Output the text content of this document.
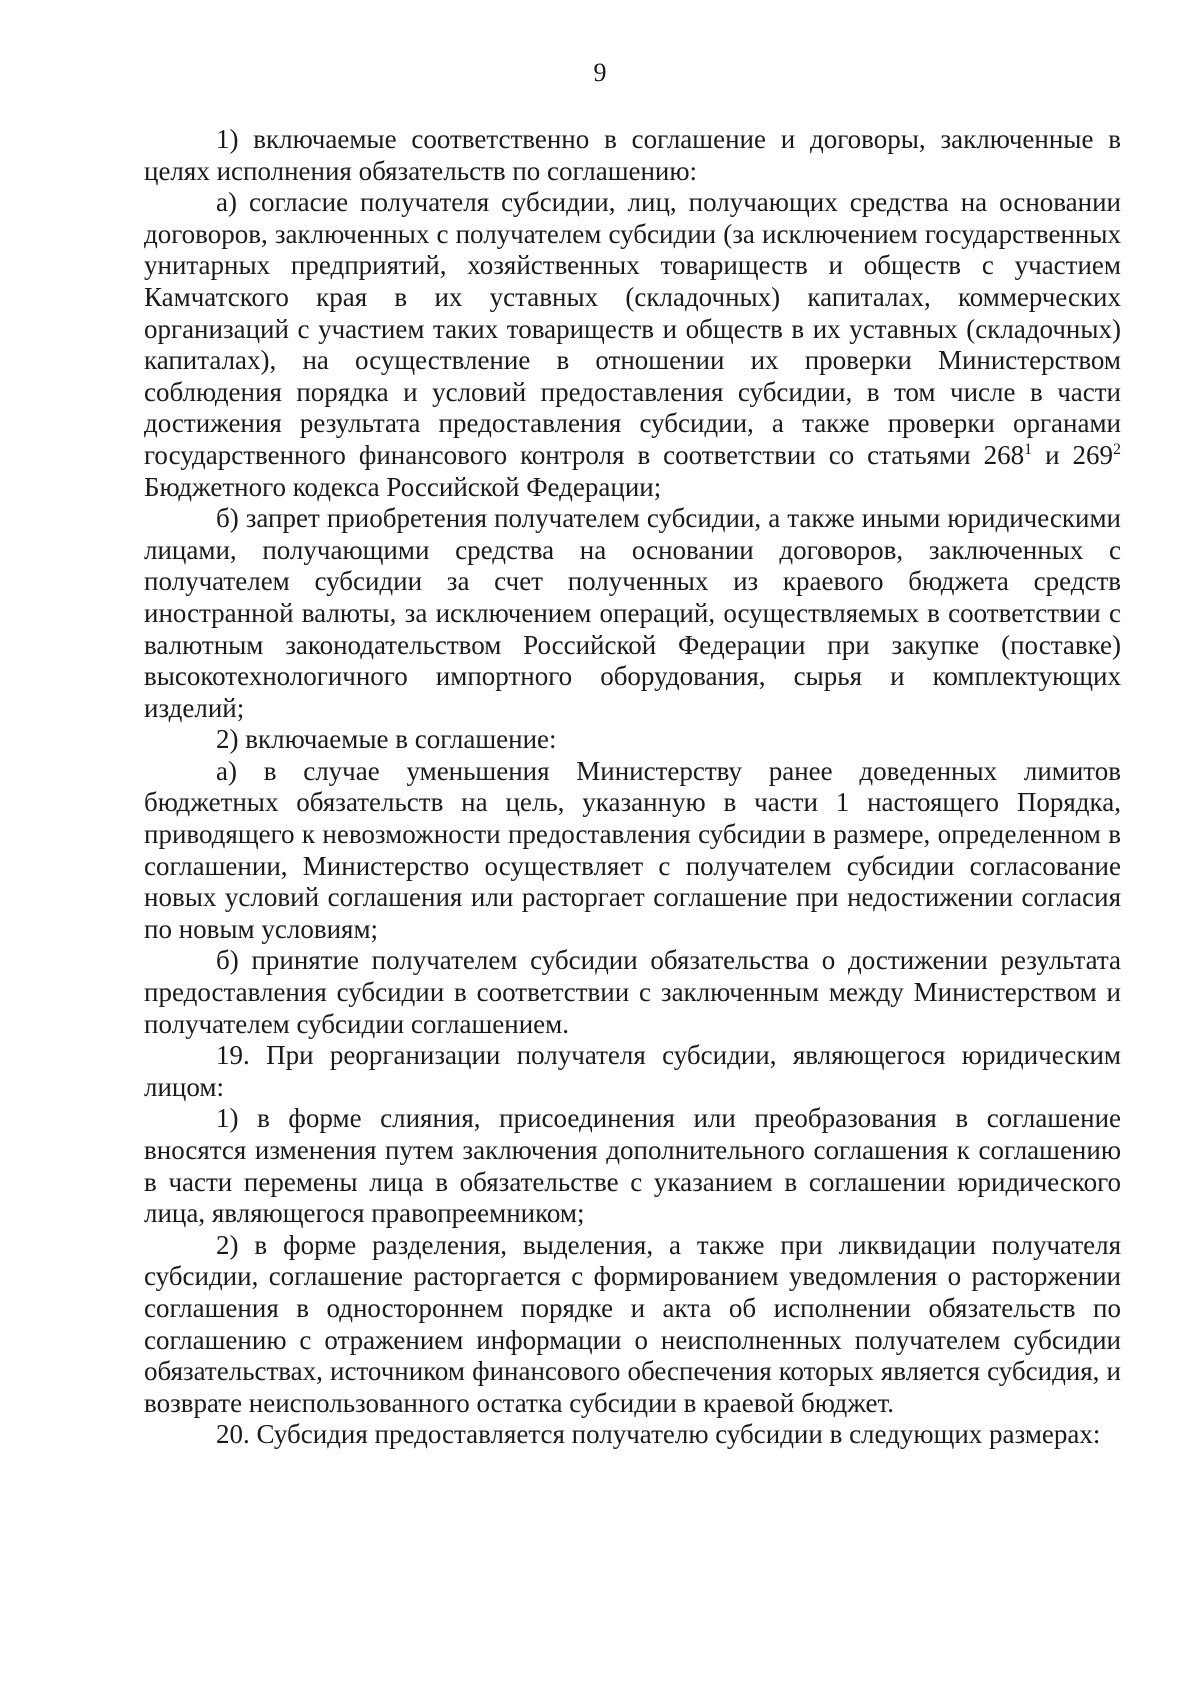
9

1) включаемые соответственно в соглашение и договоры, заключенные в целях исполнения обязательств по соглашению:

а) согласие получателя субсидии, лиц, получающих средства на основании договоров, заключенных с получателем субсидии (за исключением государственных унитарных предприятий, хозяйственных товариществ и обществ с участием Камчатского края в их уставных (складочных) капиталах, коммерческих организаций с участием таких товариществ и обществ в их уставных (складочных) капиталах), на осуществление в отношении их проверки Министерством соблюдения порядка и условий предоставления субсидии, в том числе в части достижения результата предоставления субсидии, а также проверки органами государственного финансового контроля в соответствии со статьями $268^1$ и $269^2$ Бюджетного кодекса Российской Федерации;

б) запрет приобретения получателем субсидии, а также иными юридическими лицами, получающими средства на основании договоров, заключенных с получателем субсидии за счет полученных из краевого бюджета средств иностранной валюты, за исключением операций, осуществляемых в соответствии с валютным законодательством Российской Федерации при закупке (поставке) высокотехнологичного импортного оборудования, сырья и комплектующих изделий;

2) включаемые в соглашение:

а) в случае уменьшения Министерству ранее доведенных лимитов бюджетных обязательств на цель, указанную в части 1 настоящего Порядка, приводящего к невозможности предоставления субсидии в размере, определенном в соглашении, Министерство осуществляет с получателем субсидии согласование новых условий соглашения или расторгает соглашение при недостижении согласия по новым условиям;

б) принятие получателем субсидии обязательства о достижении результата предоставления субсидии в соответствии с заключенным между Министерством и получателем субсидии соглашением.

19. При реорганизации получателя субсидии, являющегося юридическим лицом:

1) в форме слияния, присоединения или преобразования в соглашение вносятся изменения путем заключения дополнительного соглашения к соглашению в части перемены лица в обязательстве с указанием в соглашении юридического лица, являющегося правопреемником;

2) в форме разделения, выделения, а также при ликвидации получателя субсидии, соглашение расторгается с формированием уведомления о расторжении соглашения в одностороннем порядке и акта об исполнении обязательств по соглашению с отражением информации о неисполненных получателем субсидии обязательствах, источником финансового обеспечения которых является субсидия, и возврате неиспользованного остатка субсидии в краевой бюджет.

20. Субсидия предоставляется получателю субсидии в следующих размерах:
